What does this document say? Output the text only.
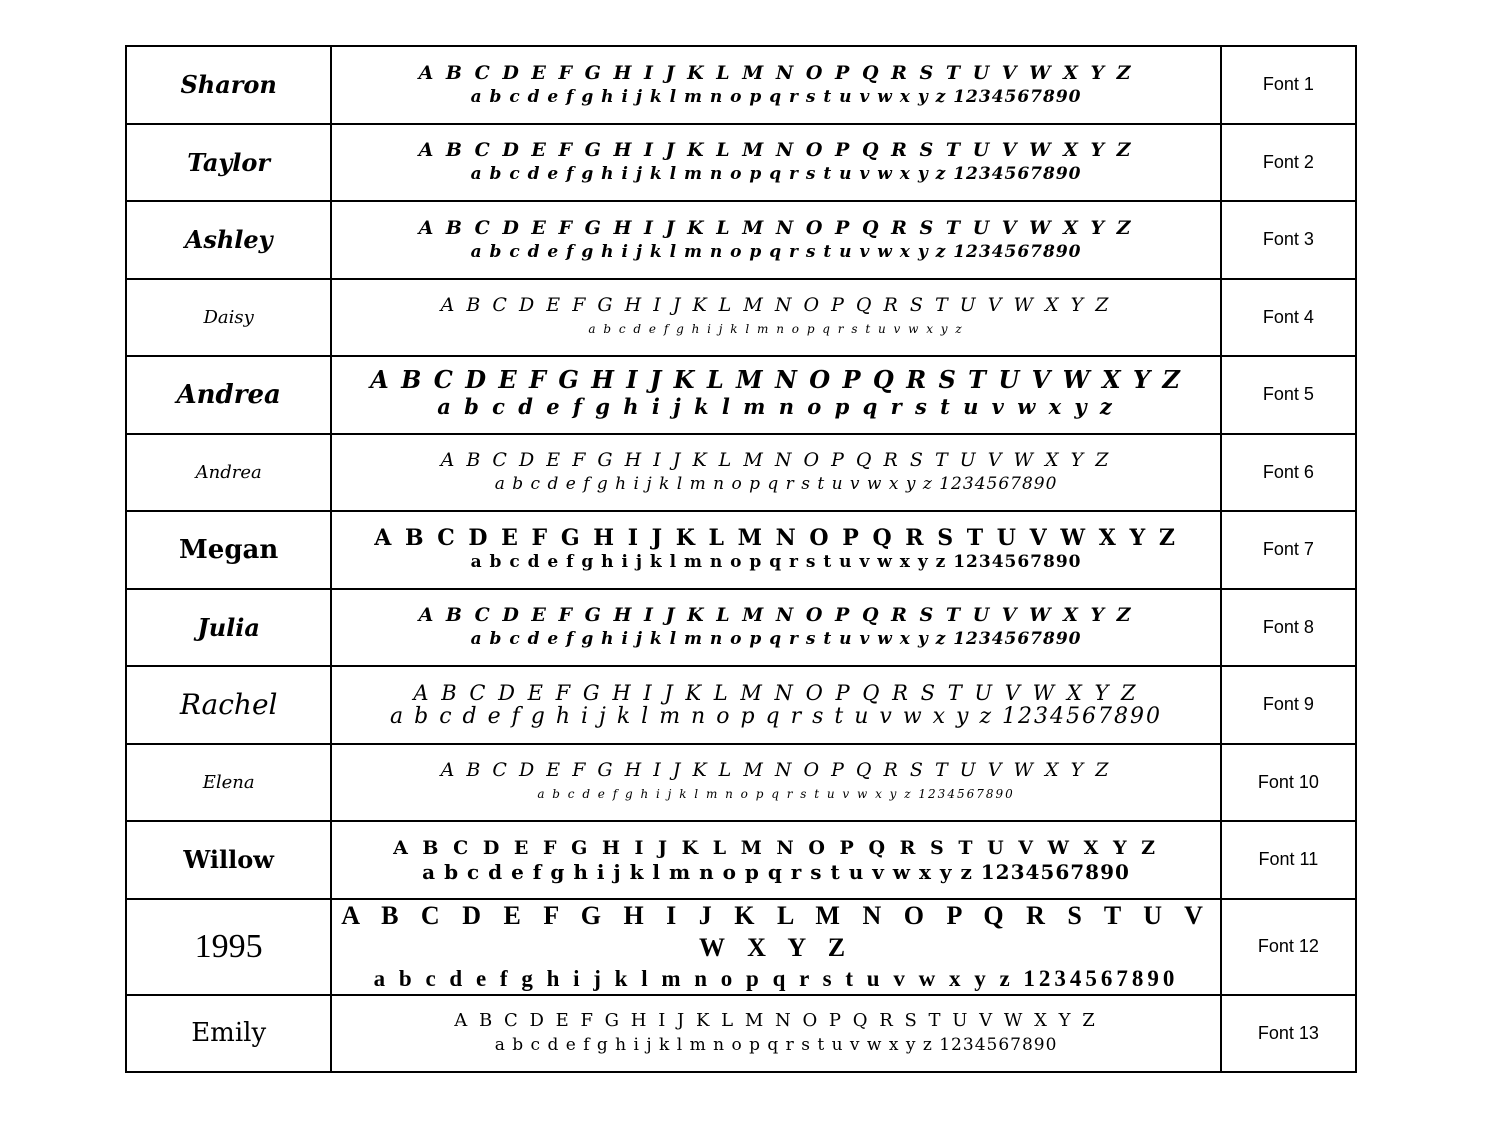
Sharon	A B C D E F G H I J K L M N O P Q R S T U V W X Y Z
a b c d e f g h i j k l m n o p q r s t u v w x y z 1234567890	Font 1
Taylor	A B C D E F G H I J K L M N O P Q R S T U V W X Y Z
a b c d e f g h i j k l m n o p q r s t u v w x y z 1234567890	Font 2
Ashley	A B C D E F G H I J K L M N O P Q R S T U V W X Y Z
a b c d e f g h i j k l m n o p q r s t u v w x y z 1234567890	Font 3
Daisy	A B C D E F G H I J K L M N O P Q R S T U V W X Y Z
a b c d e f g h i j k l m n o p q r s t u v w x y z	Font 4
Andrea	A B C D E F G H I J K L M N O P Q R S T U V W X Y Z
a b c d e f g h i j k l m n o p q r s t u v w x y z	Font 5
Andrea	A B C D E F G H I J K L M N O P Q R S T U V W X Y Z
a b c d e f g h i j k l m n o p q r s t u v w x y z 1234567890	Font 6
Megan	A B C D E F G H I J K L M N O P Q R S T U V W X Y Z
a b c d e f g h i j k l m n o p q r s t u v w x y z 1234567890	Font 7
Julia	A B C D E F G H I J K L M N O P Q R S T U V W X Y Z
a b c d e f g h i j k l m n o p q r s t u v w x y z 1234567890	Font 8
Rachel	A B C D E F G H I J K L M N O P Q R S T U V W X Y Z
a b c d e f g h i j k l m n o p q r s t u v w x y z 1234567890	Font 9
Elena	A B C D E F G H I J K L M N O P Q R S T U V W X Y Z
a b c d e f g h i j k l m n o p q r s t u v w x y z 1234567890	Font 10
Willow	A B C D E F G H I J K L M N O P Q R S T U V W X Y Z
a b c d e f g h i j k l m n o p q r s t u v w x y z 1234567890	Font 11
1995	A B C D E F G H I J K L M N O P Q R S T U V W X Y Z
a b c d e f g h i j k l m n o p q r s t u v w x y z 1234567890	Font 12
Emily	A B C D E F G H I J K L M N O P Q R S T U V W X Y Z
a b c d e f g h i j k l m n o p q r s t u v w x y z 1234567890	Font 13
